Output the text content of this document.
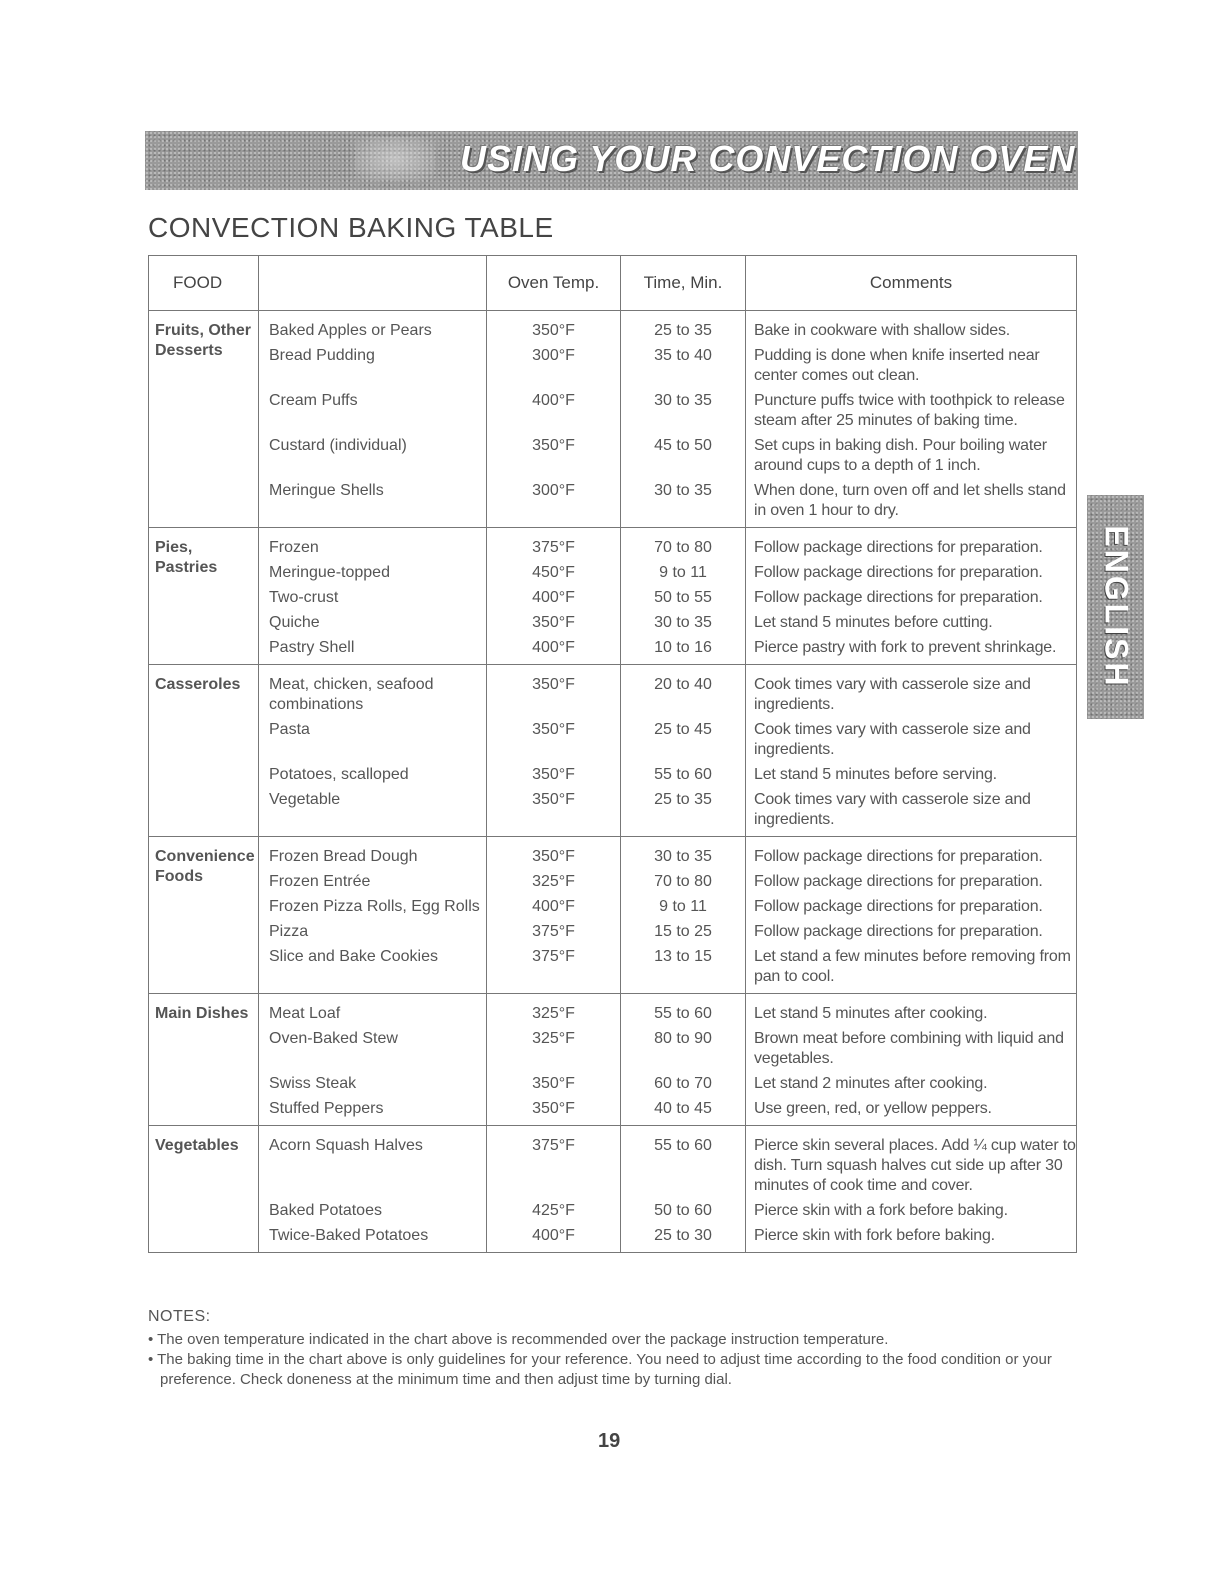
USING YOUR CONVECTION OVEN
CONVECTION BAKING TABLE
ENGLISH
FOOD		Oven Temp.	Time, Min.	Comments
Fruits, Other Desserts	Baked Apples or Pears	350°F	25 to 35	Bake in cookware with shallow sides.
	Bread Pudding	300°F	35 to 40	Pudding is done when knife inserted near center comes out clean.
	Cream Puffs	400°F	30 to 35	Puncture puffs twice with toothpick to release steam after 25 minutes of baking time.
	Custard (individual)	350°F	45 to 50	Set cups in baking dish. Pour boiling water around cups to a depth of 1 inch.
	Meringue Shells	300°F	30 to 35	When done, turn oven off and let shells stand in oven 1 hour to dry.
Pies, Pastries	Frozen	375°F	70 to 80	Follow package directions for preparation.
	Meringue-topped	450°F	9 to 11	Follow package directions for preparation.
	Two-crust	400°F	50 to 55	Follow package directions for preparation.
	Quiche	350°F	30 to 35	Let stand 5 minutes before cutting.
	Pastry Shell	400°F	10 to 16	Pierce pastry with fork to prevent shrinkage.
Casseroles	Meat, chicken, seafood combinations	350°F	20 to 40	Cook times vary with casserole size and ingredients.
	Pasta	350°F	25 to 45	Cook times vary with casserole size and ingredients.
	Potatoes, scalloped	350°F	55 to 60	Let stand 5 minutes before serving.
	Vegetable	350°F	25 to 35	Cook times vary with casserole size and ingredients.
Convenience Foods	Frozen Bread Dough	350°F	30 to 35	Follow package directions for preparation.
	Frozen Entrée	325°F	70 to 80	Follow package directions for preparation.
	Frozen Pizza Rolls, Egg Rolls	400°F	9 to 11	Follow package directions for preparation.
	Pizza	375°F	15 to 25	Follow package directions for preparation.
	Slice and Bake Cookies	375°F	13 to 15	Let stand a few minutes before removing from pan to cool.
Main Dishes	Meat Loaf	325°F	55 to 60	Let stand 5 minutes after cooking.
	Oven-Baked Stew	325°F	80 to 90	Brown meat before combining with liquid and vegetables.
	Swiss Steak	350°F	60 to 70	Let stand 2 minutes after cooking.
	Stuffed Peppers	350°F	40 to 45	Use green, red, or yellow peppers.
Vegetables	Acorn Squash Halves	375°F	55 to 60	Pierce skin several places. Add ¼ cup water to dish. Turn squash halves cut side up after 30 minutes of cook time and cover.
	Baked Potatoes	425°F	50 to 60	Pierce skin with a fork before baking.
	Twice-Baked Potatoes	400°F	25 to 30	Pierce skin with fork before baking.
NOTES:
• The oven temperature indicated in the chart above is recommended over the package instruction temperature.
• The baking time in the chart above is only guidelines for your reference. You need to adjust time according to the food condition or your preference. Check doneness at the minimum time and then adjust time by turning dial.
19
